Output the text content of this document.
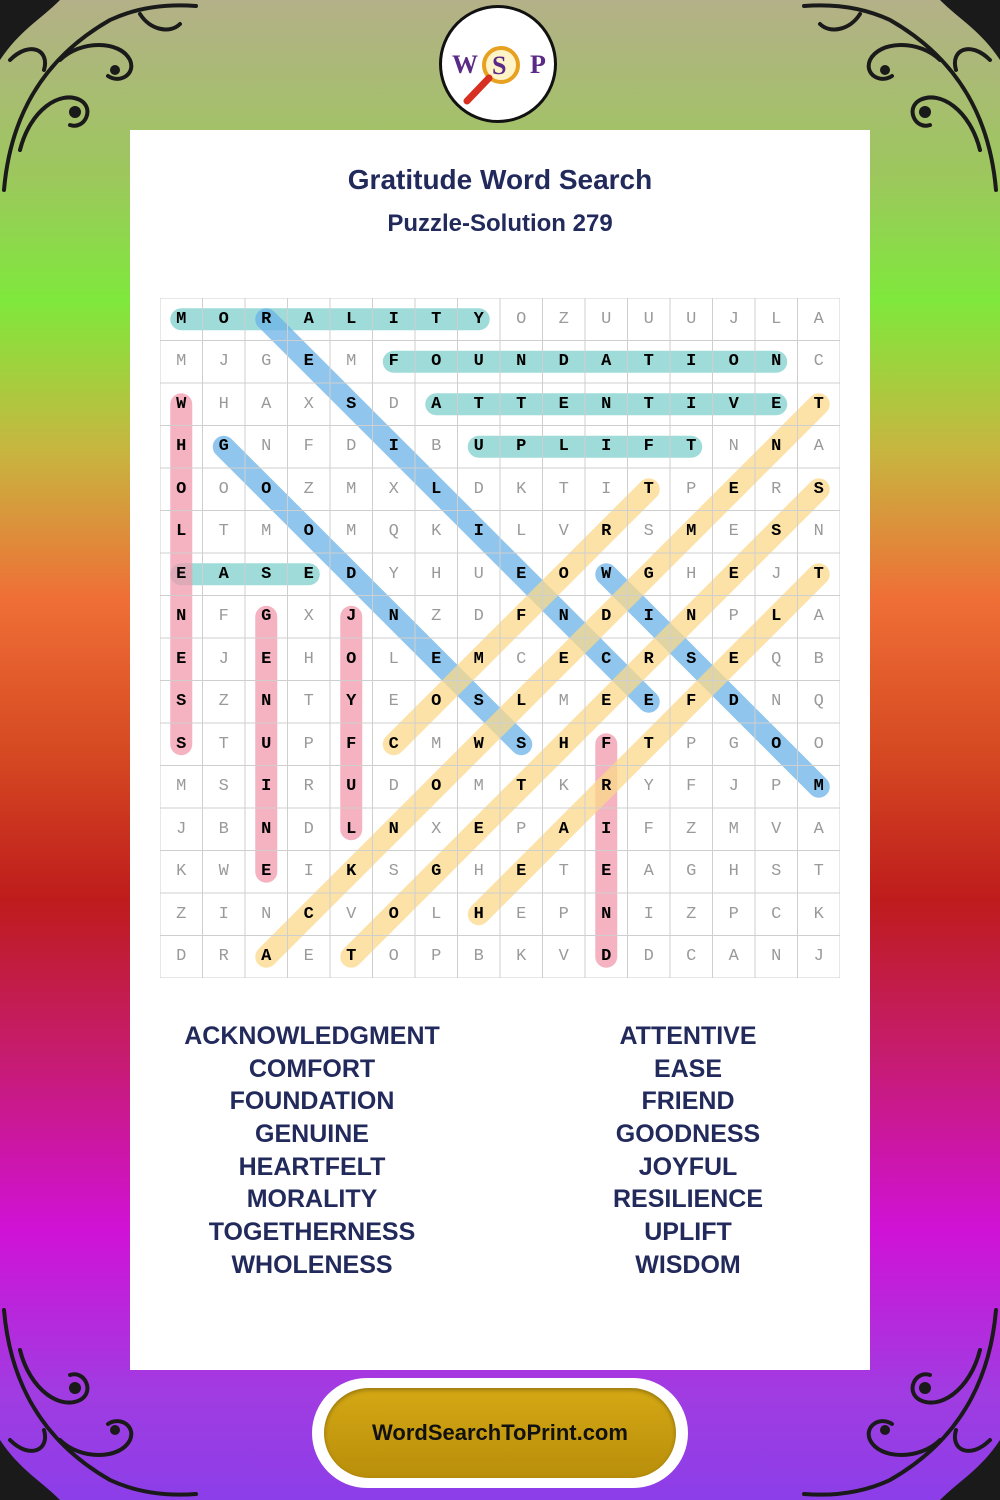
W S P
Gratitude Word Search
Puzzle-Solution 279
M	O	R	A	L	I	T	Y	O	Z	U	U	U	J	L	A
M	J	G	E	M	F	O	U	N	D	A	T	I	O	N	C
W	H	A	X	S	D	A	T	T	E	N	T	I	V	E	T
H	G	N	F	D	I	B	U	P	L	I	F	T	N	N	A
O	O	O	Z	M	X	L	D	K	T	I	T	P	E	R	S
L	T	M	O	M	Q	K	I	L	V	R	S	M	E	S	N
E	A	S	E	D	Y	H	U	E	O	W	G	H	E	J	T
N	F	G	X	J	N	Z	D	F	N	D	I	N	P	L	A
E	J	E	H	O	L	E	M	C	E	C	R	S	E	Q	B
S	Z	N	T	Y	E	O	S	L	M	E	E	F	D	N	Q
S	T	U	P	F	C	M	W	S	H	F	T	P	G	O	O
M	S	I	R	U	D	O	M	T	K	R	Y	F	J	P	M
J	B	N	D	L	N	X	E	P	A	I	F	Z	M	V	A
K	W	E	I	K	S	G	H	E	T	E	A	G	H	S	T
Z	I	N	C	V	O	L	H	E	P	N	I	Z	P	C	K
D	R	A	E	T	O	P	B	K	V	D	D	C	A	N	J
ACKNOWLEDGMENT
COMFORT
FOUNDATION
GENUINE
HEARTFELT
MORALITY
TOGETHERNESS
WHOLENESS
ATTENTIVE
EASE
FRIEND
GOODNESS
JOYFUL
RESILIENCE
UPLIFT
WISDOM
WordSearchToPrint.com
